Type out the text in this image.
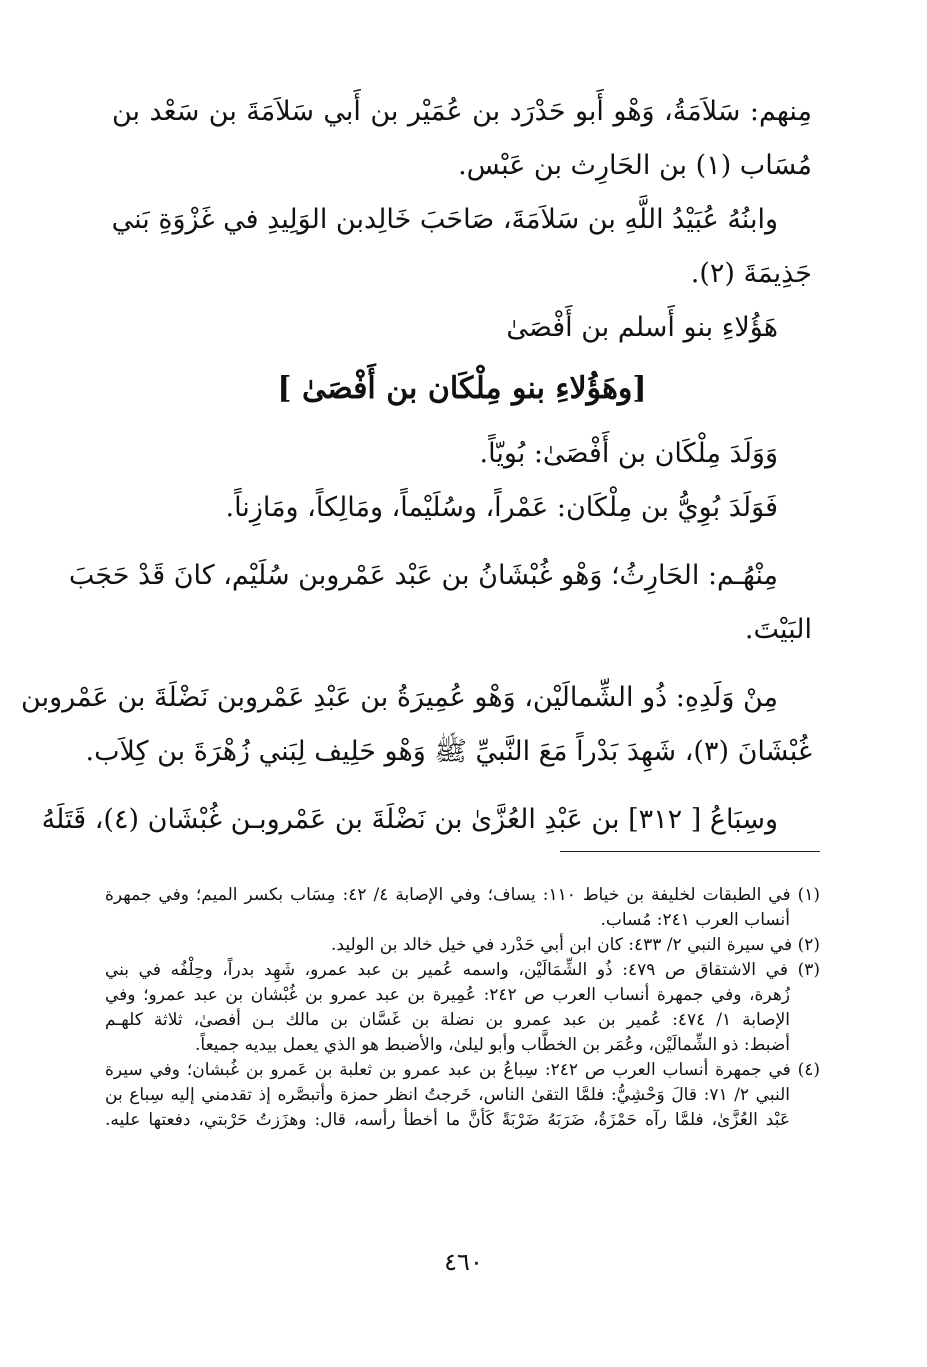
مِنهم: سَلاَمَةُ، وَهْو أَبو حَدْرَد بن عُمَيْر بن أَبي سَلاَمَةَ بن سَعْد بن
مُسَاب (١) بن الحَارِث بن عَبْس.
وابنُهُ عُبَيْدُ اللَّهِ بن سَلاَمَةَ، صَاحَبَ خَالِدبن الوَلِيدِ في غَزْوَةِ بَني
جَذِيمَةَ (٢).
هَؤُلاءِ بنو أَسلم بن أَفْصَىٰ
[وهَؤُلاءِ بنو مِلْكَان بن أَفْصَىٰ ]
وَوَلَدَ مِلْكَان بن أَفْصَىٰ: بُويّاً.
فَوَلَدَ بُوِيُّ بن مِلْكَان: عَمْراً، وسُلَيْماً، ومَالِكاً، ومَازِناً.
مِنْهُـم: الحَارِثُ؛ وَهْو غُبْشَانُ بن عَبْد عَمْروبن سُلَيْم، كانَ قَدْ حَجَبَ
البَيْتَ.
مِنْ وَلَدِهِ: ذُو الشِّمالَيْن، وَهْو عُمِيرَةُ بن عَبْدِ عَمْروبن نَضْلَةَ بن عَمْروبن
غُبْشَانَ (٣)، شَهِدَ بَدْراً مَعَ النَّبيِّ ﷺ وَهْو حَلِيف لِبَني زُهْرَةَ بن كِلاَب.
وسِبَاعُ [ ٣١٢] بن عَبْدِ العُزَّىٰ بن نَضْلَةَ بن عَمْروبـن غُبْشَان (٤)، قَتَلَهُ
(١) في الطبقات لخليفة بن خياط ١١٠: يساف؛ وفي الإصابة ٤/ ٤٢: مِسَاب بكسر الميم؛ وفي جمهرة
أنساب العرب ٢٤١: مُساب.
(٢) في سيرة النبي ٢/ ٤٣٣: كان ابن أبي حَدْرد في خيل خالد بن الوليد.
(٣) في الاشتقاق ص ٤٧٩: ذُو الشِّمَالَيْن، واسمه عُمير بن عبد عمرو، شَهِد بدراً، وحِلْفُه في بني
زُهرة، وفي جمهرة أنساب العرب ص ٢٤٢: عُمِيرة بن عبد عمرو بن غُبْشان بن عبد عمرو؛ وفي
الإصابة ١/ ٤٧٤: عُمير بن عبد عمرو بن نضلة بن غَسَّان بن مالك بـن أفصىٰ، ثلاثة كلهـم
أضبط: ذو الشِّمالَيْن، وعُمَر بن الخطَّاب وأبو ليلىٰ، والأضبط هو الذي يعمل بيديه جميعاً.
(٤) في جمهرة أنساب العرب ص ٢٤٢: سِباعُ بن عبد عمرو بن ثعلبة بن عَمرو بن غُبشان؛ وفي سيرة
النبي ٢/ ٧١: قالَ وَحْشِيُّ: فلمَّا التقىٰ الناس، خَرجتُ انظر حمزة وأتبصَّره إذ تقدمني إليه سِباع بن
عَبْد العُزَّىٰ، فلمَّا رآه حَمْزَةُ، ضَرَبَهُ ضَرْبَةً كَأنَّ ما أخطأ رأسه، قال: وهزَزتُ حَرْبتي، دفعتها عليه.
٤٦٠
